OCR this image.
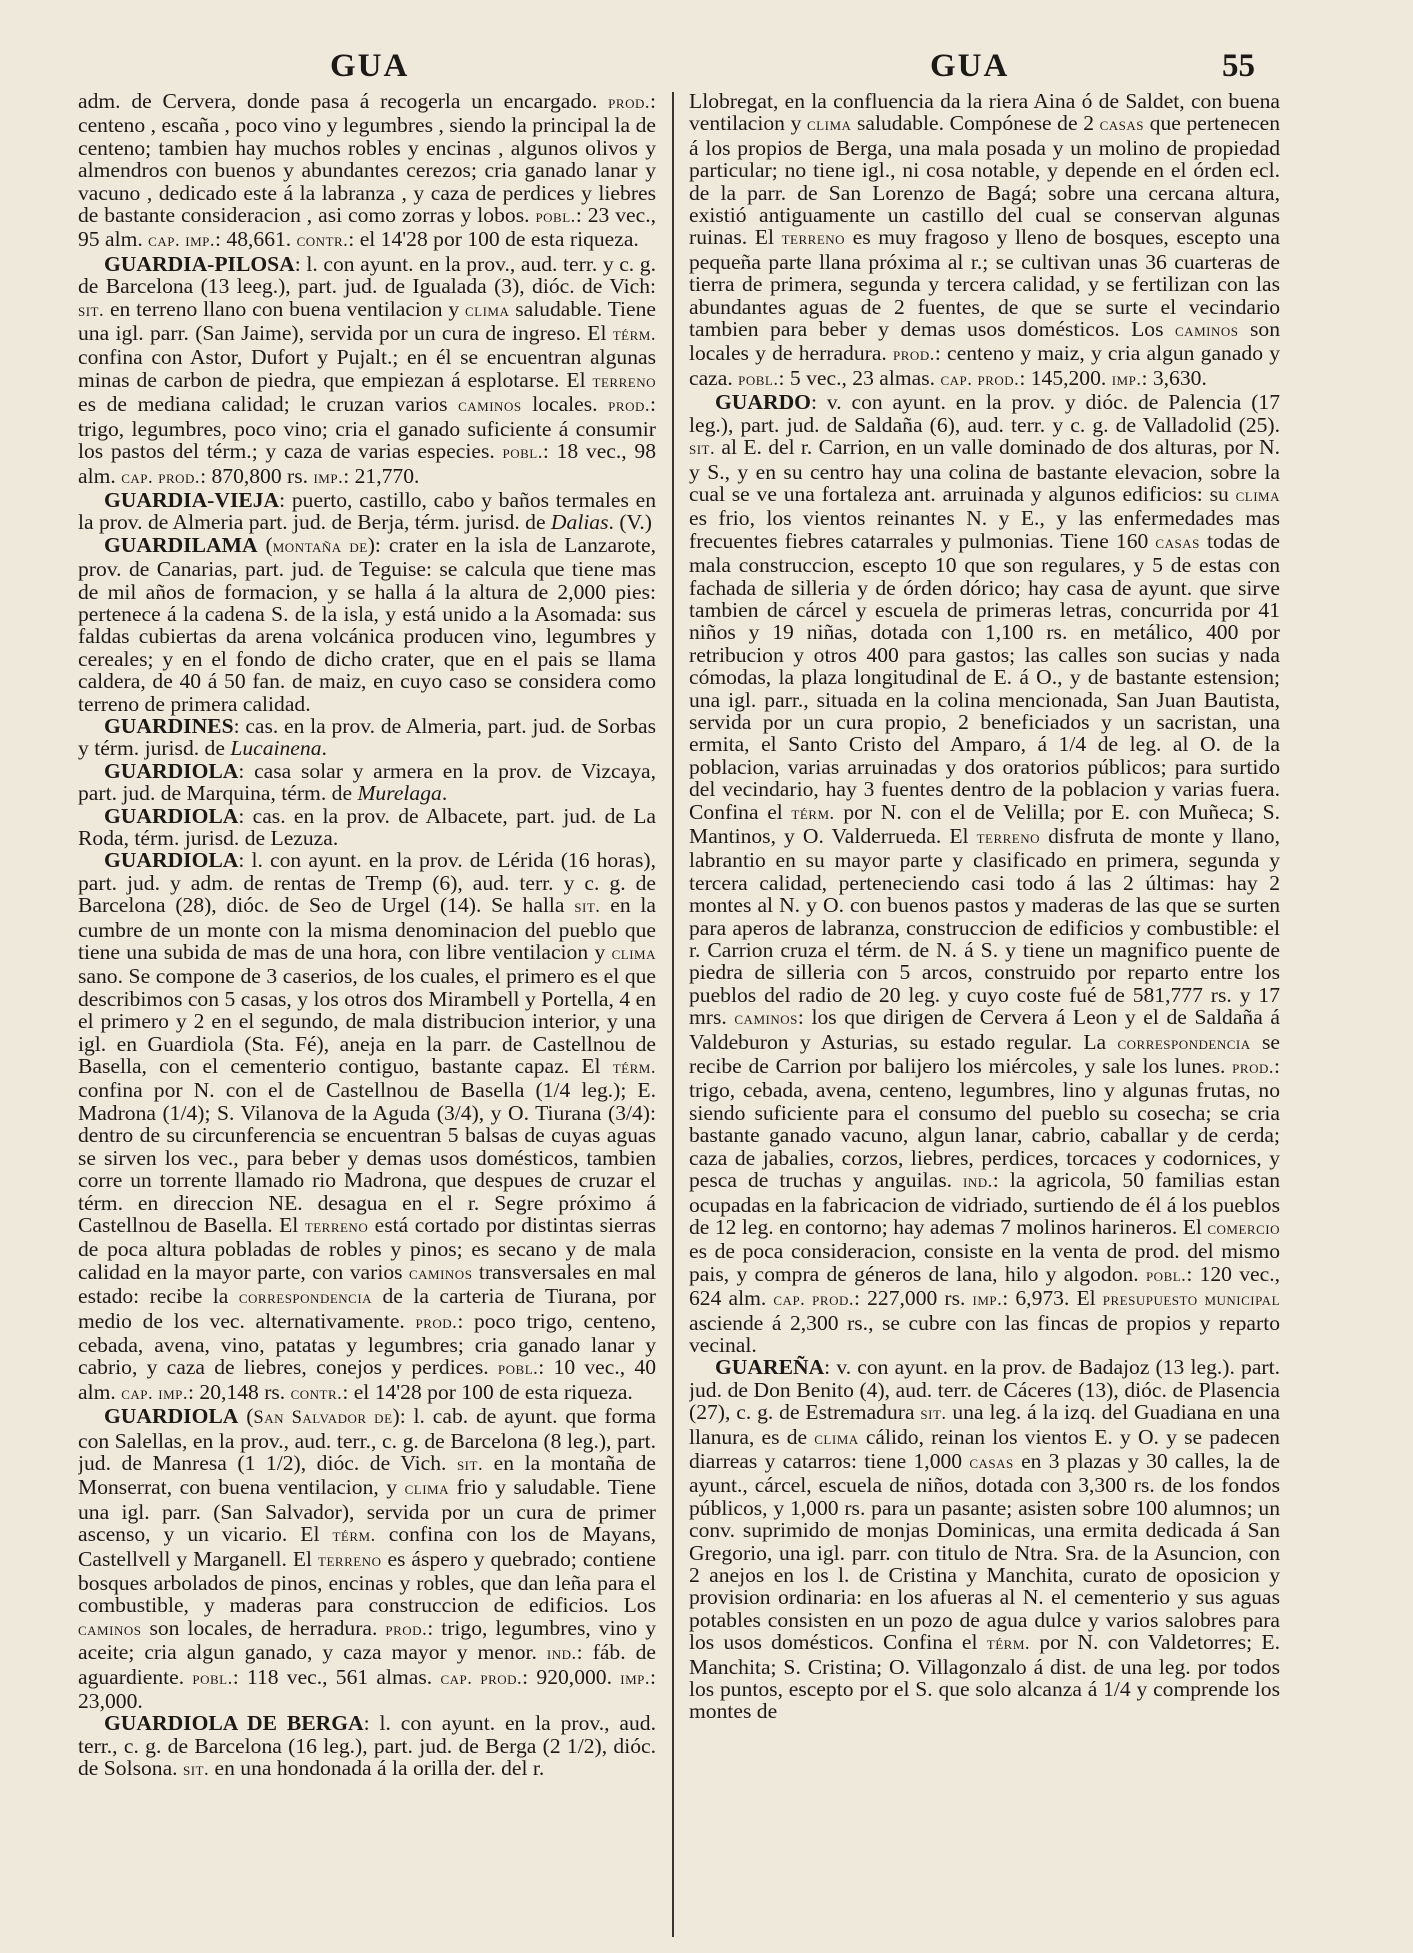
GUA	GUA	55

adm. de Cervera, donde pasa á recogerla un encargado. prod.: centeno , escaña , poco vino y legumbres , siendo la principal la de centeno; tambien hay muchos robles y encinas , algunos olivos y almendros con buenos y abundantes cerezos; cria ganado lanar y vacuno , dedicado este á la labranza , y caza de perdices y liebres de bastante consideracion , asi como zorras y lobos. pobl.: 23 vec., 95 alm. cap. imp.: 48,661. contr.: el 14'28 por 100 de esta riqueza.

GUARDIA-PILOSA: l. con ayunt. en la prov., aud. terr. y c. g. de Barcelona (13 leeg.), part. jud. de Igualada (3), dióc. de Vich: sit. en terreno llano con buena ventilacion y clima saludable. Tiene una igl. parr. (San Jaime), servida por un cura de ingreso. El térm. confina con Astor, Dufort y Pujalt.; en él se encuentran algunas minas de carbon de piedra, que empiezan á esplotarse. El terreno es de mediana calidad; le cruzan varios caminos locales. prod.: trigo, legumbres, poco vino; cria el ganado suficiente á consumir los pastos del térm.; y caza de varias especies. pobl.: 18 vec., 98 alm. cap. prod.: 870,800 rs. imp.: 21,770.

GUARDIA-VIEJA: puerto, castillo, cabo y baños termales en la prov. de Almeria part. jud. de Berja, térm. jurisd. de Dalias. (V.)

GUARDILAMA (montaña de): crater en la isla de Lanzarote, prov. de Canarias, part. jud. de Teguise: se calcula que tiene mas de mil años de formacion, y se halla á la altura de 2,000 pies: pertenece á la cadena S. de la isla, y está unido a la Asomada: sus faldas cubiertas da arena volcánica producen vino, legumbres y cereales; y en el fondo de dicho crater, que en el pais se llama caldera, de 40 á 50 fan. de maiz, en cuyo caso se considera como terreno de primera calidad.

GUARDINES: cas. en la prov. de Almeria, part. jud. de Sorbas y térm. jurisd. de Lucainena.

GUARDIOLA: casa solar y armera en la prov. de Vizcaya, part. jud. de Marquina, térm. de Murelaga.

GUARDIOLA: cas. en la prov. de Albacete, part. jud. de La Roda, térm. jurisd. de Lezuza.

GUARDIOLA: l. con ayunt. en la prov. de Lérida (16 horas), part. jud. y adm. de rentas de Tremp (6), aud. terr. y c. g. de Barcelona (28), dióc. de Seo de Urgel (14). Se halla sit. en la cumbre de un monte con la misma denominacion del pueblo que tiene una subida de mas de una hora, con libre ventilacion y clima sano. Se compone de 3 caserios, de los cuales, el primero es el que describimos con 5 casas, y los otros dos Mirambell y Portella, 4 en el primero y 2 en el segundo, de mala distribucion interior, y una igl. en Guardiola (Sta. Fé), aneja en la parr. de Castellnou de Basella, con el cementerio contiguo, bastante capaz. El térm. confina por N. con el de Castellnou de Basella (1/4 leg.); E. Madrona (1/4); S. Vilanova de la Aguda (3/4), y O. Tiurana (3/4): dentro de su circunferencia se encuentran 5 balsas de cuyas aguas se sirven los vec., para beber y demas usos domésticos, tambien corre un torrente llamado rio Madrona, que despues de cruzar el térm. en direccion NE. desagua en el r. Segre próximo á Castellnou de Basella. El terreno está cortado por distintas sierras de poca altura pobladas de robles y pinos; es secano y de mala calidad en la mayor parte, con varios caminos transversales en mal estado: recibe la correspondencia de la carteria de Tiurana, por medio de los vec. alternativamente. prod.: poco trigo, centeno, cebada, avena, vino, patatas y legumbres; cria ganado lanar y cabrio, y caza de liebres, conejos y perdices. pobl.: 10 vec., 40 alm. cap. imp.: 20,148 rs. contr.: el 14'28 por 100 de esta riqueza.

GUARDIOLA (San Salvador de): l. cab. de ayunt. que forma con Salellas, en la prov., aud. terr., c. g. de Barcelona (8 leg.), part. jud. de Manresa (1 1/2), dióc. de Vich. sit. en la montaña de Monserrat, con buena ventilacion, y clima frio y saludable. Tiene una igl. parr. (San Salvador), servida por un cura de primer ascenso, y un vicario. El térm. confina con los de Mayans, Castellvell y Marganell. El terreno es áspero y quebrado; contiene bosques arbolados de pinos, encinas y robles, que dan leña para el combustible, y maderas para construccion de edificios. Los caminos son locales, de herradura. prod.: trigo, legumbres, vino y aceite; cria algun ganado, y caza mayor y menor. ind.: fáb. de aguardiente. pobl.: 118 vec., 561 almas. cap. prod.: 920,000. imp.: 23,000.

GUARDIOLA DE BERGA: l. con ayunt. en la prov., aud. terr., c. g. de Barcelona (16 leg.), part. jud. de Berga (2 1/2), dióc. de Solsona. sit. en una hondonada á la orilla der. del r.

Llobregat, en la confluencia da la riera Aina ó de Saldet, con buena ventilacion y clima saludable. Compónese de 2 casas que pertenecen á los propios de Berga, una mala posada y un molino de propiedad particular; no tiene igl., ni cosa notable, y depende en el órden ecl. de la parr. de San Lorenzo de Bagá; sobre una cercana altura, existió antiguamente un castillo del cual se conservan algunas ruinas. El terreno es muy fragoso y lleno de bosques, escepto una pequeña parte llana próxima al r.; se cultivan unas 36 cuarteras de tierra de primera, segunda y tercera calidad, y se fertilizan con las abundantes aguas de 2 fuentes, de que se surte el vecindario tambien para beber y demas usos domésticos. Los caminos son locales y de herradura. prod.: centeno y maiz, y cria algun ganado y caza. pobl.: 5 vec., 23 almas. cap. prod.: 145,200. imp.: 3,630.

GUARDO: v. con ayunt. en la prov. y dióc. de Palencia (17 leg.), part. jud. de Saldaña (6), aud. terr. y c. g. de Valladolid (25). sit. al E. del r. Carrion, en un valle dominado de dos alturas, por N. y S., y en su centro hay una colina de bastante elevacion, sobre la cual se ve una fortaleza ant. arruinada y algunos edificios: su clima es frio, los vientos reinantes N. y E., y las enfermedades mas frecuentes fiebres catarrales y pulmonias. Tiene 160 casas todas de mala construccion, escepto 10 que son regulares, y 5 de estas con fachada de silleria y de órden dórico; hay casa de ayunt. que sirve tambien de cárcel y escuela de primeras letras, concurrida por 41 niños y 19 niñas, dotada con 1,100 rs. en metálico, 400 por retribucion y otros 400 para gastos; las calles son sucias y nada cómodas, la plaza longitudinal de E. á O., y de bastante estension; una igl. parr., situada en la colina mencionada, San Juan Bautista, servida por un cura propio, 2 beneficiados y un sacristan, una ermita, el Santo Cristo del Amparo, á 1/4 de leg. al O. de la poblacion, varias arruinadas y dos oratorios públicos; para surtido del vecindario, hay 3 fuentes dentro de la poblacion y varias fuera. Confina el térm. por N. con el de Velilla; por E. con Muñeca; S. Mantinos, y O. Valderrueda. El terreno disfruta de monte y llano, labrantio en su mayor parte y clasificado en primera, segunda y tercera calidad, perteneciendo casi todo á las 2 últimas: hay 2 montes al N. y O. con buenos pastos y maderas de las que se surten para aperos de labranza, construccion de edificios y combustible: el r. Carrion cruza el térm. de N. á S. y tiene un magnifico puente de piedra de silleria con 5 arcos, construido por reparto entre los pueblos del radio de 20 leg. y cuyo coste fué de 581,777 rs. y 17 mrs. caminos: los que dirigen de Cervera á Leon y el de Saldaña á Valdeburon y Asturias, su estado regular. La correspondencia se recibe de Carrion por balijero los miércoles, y sale los lunes. prod.: trigo, cebada, avena, centeno, legumbres, lino y algunas frutas, no siendo suficiente para el consumo del pueblo su cosecha; se cria bastante ganado vacuno, algun lanar, cabrio, caballar y de cerda; caza de jabalies, corzos, liebres, perdices, torcaces y codornices, y pesca de truchas y anguilas. ind.: la agricola, 50 familias estan ocupadas en la fabricacion de vidriado, surtiendo de él á los pueblos de 12 leg. en contorno; hay ademas 7 molinos harineros. El comercio es de poca consideracion, consiste en la venta de prod. del mismo pais, y compra de géneros de lana, hilo y algodon. pobl.: 120 vec., 624 alm. cap. prod.: 227,000 rs. imp.: 6,973. El presupuesto municipal asciende á 2,300 rs., se cubre con las fincas de propios y reparto vecinal.

GUAREÑA: v. con ayunt. en la prov. de Badajoz (13 leg.). part. jud. de Don Benito (4), aud. terr. de Cáceres (13), dióc. de Plasencia (27), c. g. de Estremadura sit. una leg. á la izq. del Guadiana en una llanura, es de clima cálido, reinan los vientos E. y O. y se padecen diarreas y catarros: tiene 1,000 casas en 3 plazas y 30 calles, la de ayunt., cárcel, escuela de niños, dotada con 3,300 rs. de los fondos públicos, y 1,000 rs. para un pasante; asisten sobre 100 alumnos; un conv. suprimido de monjas Dominicas, una ermita dedicada á San Gregorio, una igl. parr. con titulo de Ntra. Sra. de la Asuncion, con 2 anejos en los l. de Cristina y Manchita, curato de oposicion y provision ordinaria: en los afueras al N. el cementerio y sus aguas potables consisten en un pozo de agua dulce y varios salobres para los usos domésticos. Confina el térm. por N. con Valdetorres; E. Manchita; S. Cristina; O. Villagonzalo á dist. de una leg. por todos los puntos, escepto por el S. que solo alcanza á 1/4 y comprende los montes de
